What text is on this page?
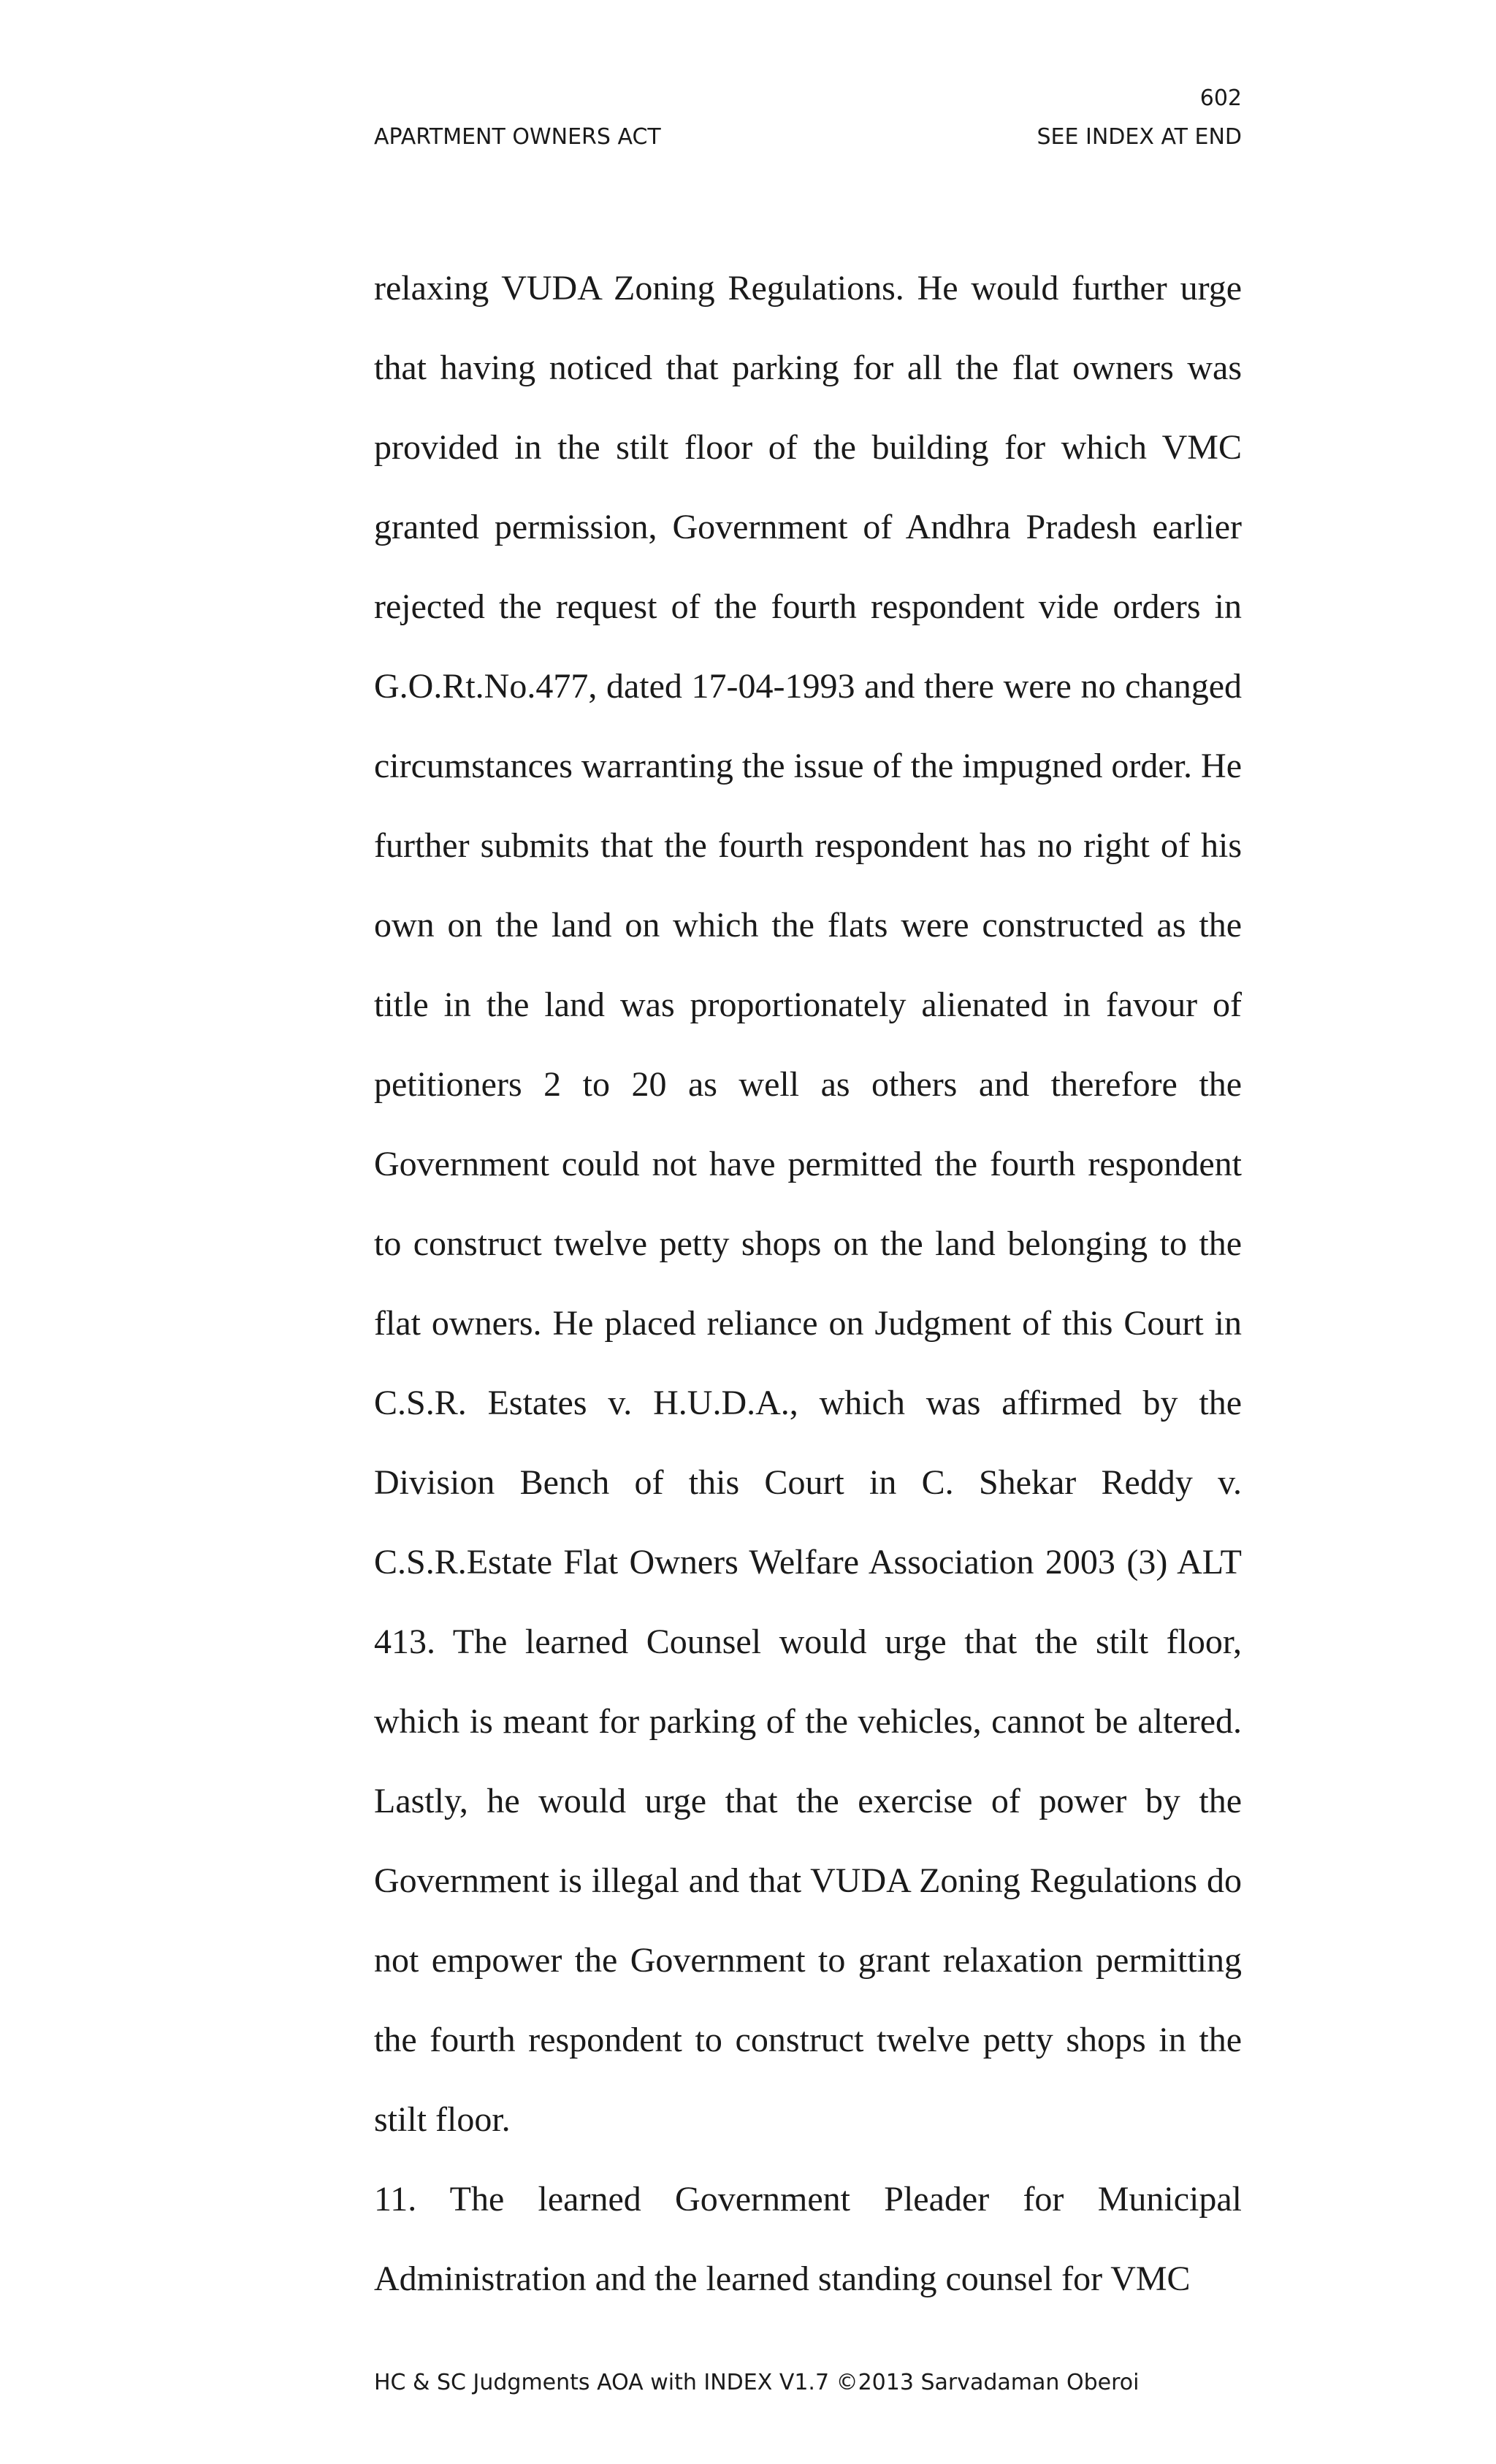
602
APARTMENT OWNERS ACT	SEE INDEX AT END

relaxing VUDA Zoning Regulations. He would further urge that having noticed that parking for all the flat owners was provided in the stilt floor of the building for which VMC granted permission, Government of Andhra Pradesh earlier rejected the request of the fourth respondent vide orders in G.O.Rt.No.477, dated 17-04-1993 and there were no changed circumstances warranting the issue of the impugned order. He further submits that the fourth respondent has no right of his own on the land on which the flats were constructed as the title in the land was proportionately alienated in favour of petitioners 2 to 20 as well as others and therefore the Government could not have permitted the fourth respondent to construct twelve petty shops on the land belonging to the flat owners. He placed reliance on Judgment of this Court in C.S.R. Estates v. H.U.D.A., which was affirmed by the Division Bench of this Court in C. Shekar Reddy v. C.S.R.Estate Flat Owners Welfare Association 2003 (3) ALT 413. The learned Counsel would urge that the stilt floor, which is meant for parking of the vehicles, cannot be altered. Lastly, he would urge that the exercise of power by the Government is illegal and that VUDA Zoning Regulations do not empower the Government to grant relaxation permitting the fourth respondent to construct twelve petty shops in the stilt floor.

11. The learned Government Pleader for Municipal Administration and the learned standing counsel for VMC

HC & SC Judgments AOA with INDEX V1.7 ©2013 Sarvadaman Oberoi
